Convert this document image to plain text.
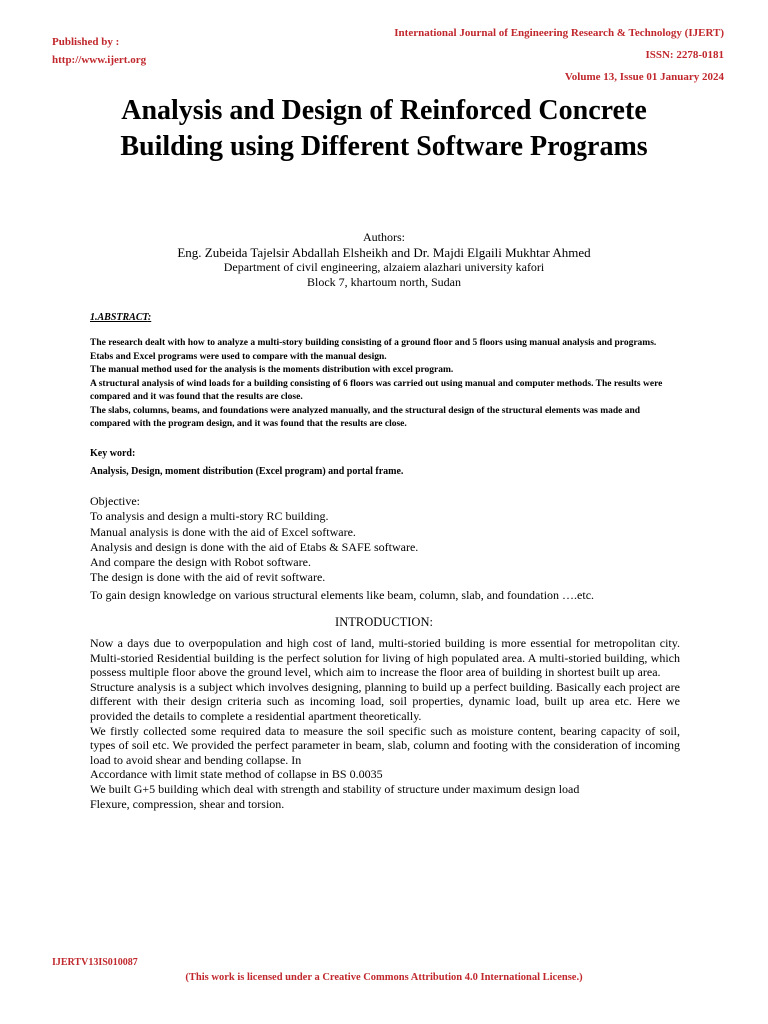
Published by :
http://www.ijert.org
International Journal of Engineering Research & Technology (IJERT)
ISSN: 2278-0181
Volume 13, Issue 01 January 2024
Analysis and Design of Reinforced Concrete
Building using Different Software Programs
Authors:
Eng. Zubeida Tajelsir Abdallah Elsheikh and Dr. Majdi Elgaili Mukhtar Ahmed
Department of civil engineering, alzaiem alazhari university kafori
Block 7, khartoum north, Sudan
1.ABSTRACT:

The research dealt with how to analyze a multi-story building consisting of a ground floor and 5 floors using manual analysis and programs. Etabs and Excel programs were used to compare with the manual design.

The manual method used for the analysis is the moments distribution with excel program.

A structural analysis of wind loads for a building consisting of 6 floors was carried out using manual and computer methods. The results were compared and it was found that the results are close.

The slabs, columns, beams, and foundations were analyzed manually, and the structural design of the structural elements was made and compared with the program design, and it was found that the results are close.

Key word:
Analysis, Design, moment distribution (Excel program) and portal frame.
Objective:
To analysis and design a multi-story RC building.
Manual analysis is done with the aid of Excel software.
Analysis and design is done with the aid of Etabs & SAFE software.
And compare the design with Robot software.
The design is done with the aid of revit software.
To gain design knowledge on various structural elements like beam, column, slab, and foundation ….etc.
INTRODUCTION:

Now a days due to overpopulation and high cost of land, multi-storied building is more essential for metropolitan city. Multi-storied Residential building is the perfect solution for living of high populated area. A multi-storied building, which possess multiple floor above the ground level, which aim to increase the floor area of building in shortest built up area.

Structure analysis is a subject which involves designing, planning to build up a perfect building. Basically each project are different with their design criteria such as incoming load, soil properties, dynamic load, built up area etc. Here we provided the details to complete a residential apartment theoretically.

We firstly collected some required data to measure the soil specific such as moisture content, bearing capacity of soil, types of soil etc. We provided the perfect parameter in beam, slab, column and footing with the consideration of incoming load to avoid shear and bending collapse. In

Accordance with limit state method of collapse in BS 0.0035

We built G+5 building which deal with strength and stability of structure under maximum design load

Flexure, compression, shear and torsion.

IJERTV13IS010087
(This work is licensed under a Creative Commons Attribution 4.0 International License.)
